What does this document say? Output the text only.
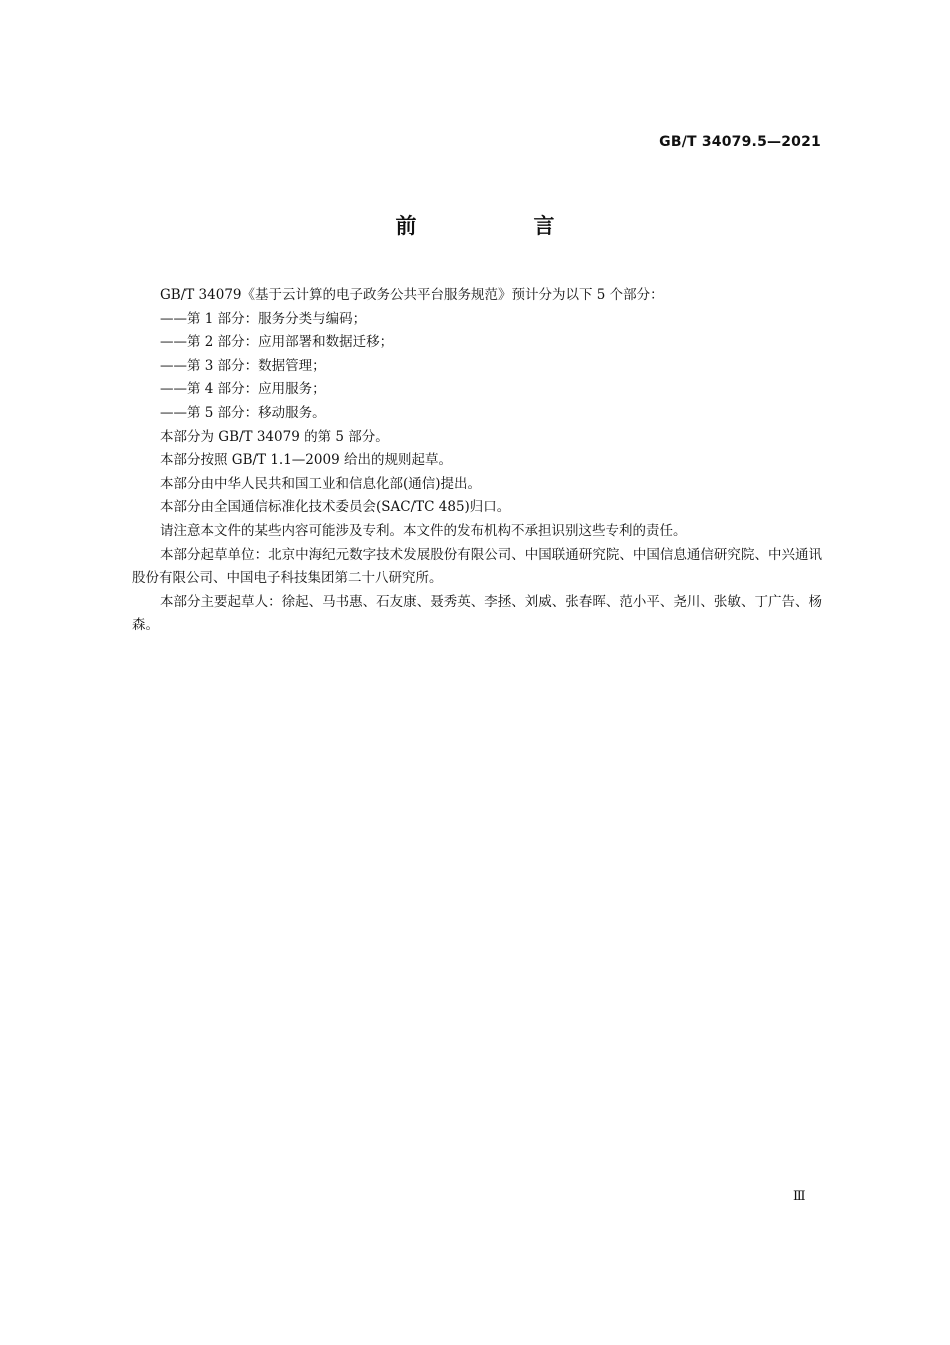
GB/T 34079.5—2021
前　言

GB/T 34079《基于云计算的电子政务公共平台服务规范》预计分为以下 5 个部分：

——第 1 部分：服务分类与编码；

——第 2 部分：应用部署和数据迁移；

——第 3 部分：数据管理；

——第 4 部分：应用服务；

——第 5 部分：移动服务。

本部分为 GB/T 34079 的第 5 部分。

本部分按照 GB/T 1.1—2009 给出的规则起草。

本部分由中华人民共和国工业和信息化部(通信)提出。

本部分由全国通信标准化技术委员会(SAC/TC 485)归口。

请注意本文件的某些内容可能涉及专利。本文件的发布机构不承担识别这些专利的责任。

本部分起草单位：北京中海纪元数字技术发展股份有限公司、中国联通研究院、中国信息通信研究院、中兴通讯股份有限公司、中国电子科技集团第二十八研究所。

本部分主要起草人：徐起、马书惠、石友康、聂秀英、李拯、刘威、张春晖、范小平、尧川、张敏、丁广告、杨森。

Ⅲ
